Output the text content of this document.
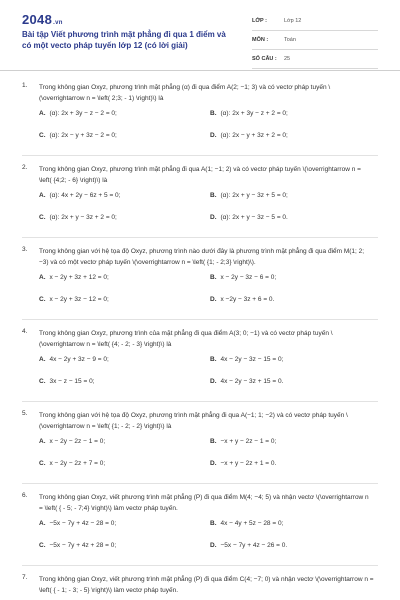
2048.vn
Bài tập Viết phương trình mặt phẳng đi qua 1 điểm và có một vecto pháp tuyến lớp 12 (có lời giải)
LỚP :	Lớp 12
MÔN :	Toán
SỐ CÂU : 25
1. Trong không gian Oxyz, phương trình mặt phẳng (α) đi qua điểm A(2; −1; 3) và có vectơ pháp tuyến \(\overrightarrow n = \left( 2;3; - 1) \right)\) là
A. (α): 2x + 3y − z − 2 = 0;	B. (α): 2x + 3y − z + 2 = 0;
C. (α): 2x − y + 3z − 2 = 0;	D. (α): 2x − y + 3z + 2 = 0;
2. Trong không gian Oxyz, phương trình mặt phẳng đi qua A(1; −1; 2) và có vectơ pháp tuyến \(\overrightarrow n = \left( {4;2; - 6} \right)\) là
A. (α): 4x + 2y − 6z + 5 = 0;	B. (α): 2x + y − 3z + 5 = 0;
C. (α): 2x + y − 3z + 2 = 0;	D. (α): 2x + y − 3z − 5 = 0.
3. Trong không gian với hệ tọa độ Oxyz, phương trình nào dưới đây là phương trình mặt phẳng đi qua điểm M(1; 2; −3) và có một vectơ pháp tuyến \(\overrightarrow n = \left( {1; - 2;3} \right)\).
A. x − 2y + 3z + 12 = 0;	B. x − 2y − 3z − 6 = 0;
C. x − 2y + 3z − 12 = 0;	D. x −2y − 3z + 6 = 0.
4. Trong không gian Oxyz, phương trình của mặt phẳng đi qua điểm A(3; 0; −1) và có vectơ pháp tuyến \(\overrightarrow n = \left( {4; - 2; - 3} \right)\) là
A. 4x − 2y + 3z − 9 = 0;	B. 4x − 2y − 3z − 15 = 0;
C. 3x − z − 15 = 0;	D. 4x − 2y − 3z + 15 = 0.
5. Trong không gian với hệ tọa độ Oxyz, phương trình mặt phẳng đi qua A(−1; 1; −2) và có vectơ pháp tuyến \(\overrightarrow n = \left( {1; - 2; - 2} \right)\) là
A. x − 2y − 2z − 1 = 0;	B. −x + y − 2z − 1 = 0;
C. x − 2y − 2z + 7 = 0;	D. −x + y − 2z + 1 = 0.
6. Trong không gian Oxyz, viết phương trình mặt phẳng (P) đi qua điểm M(4; −4; 5) và nhận vectơ \(\overrightarrow n = \left( { - 5; - 7;4} \right)\) làm vectơ pháp tuyến.
A. −5x − 7y + 4z − 28 = 0;	B. 4x − 4y + 5z − 28 = 0;
C. −5x − 7y + 4z + 28 = 0;	D. −5x − 7y + 4z − 26 = 0.
7. Trong không gian Oxyz, viết phương trình mặt phẳng (P) đi qua điểm C(4; −7; 0) và nhận vectơ \(\overrightarrow n = \left( { - 1; - 3; - 5} \right)\) làm vectơ pháp tuyến.
